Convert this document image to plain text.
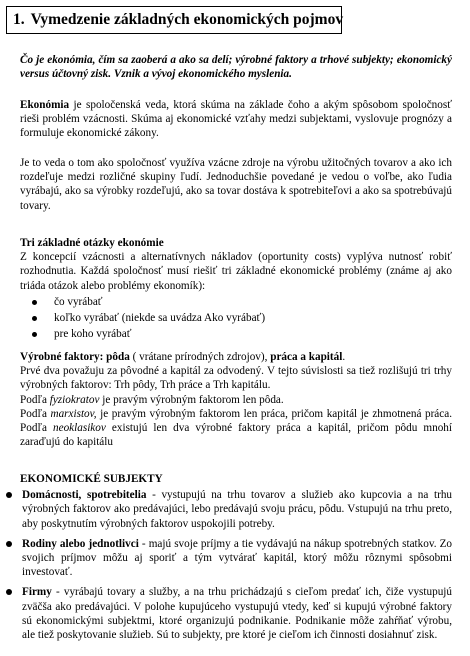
1. Vymedzenie základných ekonomických pojmov

Čo je ekonómia, čím sa zaoberá a ako sa delí; výrobné faktory a trhové subjekty; ekonomický versus účtovný zisk. Vznik a vývoj ekonomického myslenia.

Ekonómia je spoločenská veda, ktorá skúma na základe čoho a akým spôsobom spoločnosť rieši problém vzácnosti. Skúma aj ekonomické vzťahy medzi subjektami, vyslovuje prognózy a formuluje ekonomické zákony.

Je to veda o tom ako spoločnosť využíva vzácne zdroje na výrobu užitočných tovarov a ako ich rozdeľuje medzi rozličné skupiny ľudí. Jednoduchšie povedané je vedou o voľbe, ako ľudia vyrábajú, ako sa výrobky rozdeľujú, ako sa tovar dostáva k spotrebiteľovi a ako sa spotrebúvajú tovary.

Tri základné otázky ekonómie

Z koncepcií vzácnosti a alternatívnych nákladov (oportunity costs) vyplýva nutnosť robiť rozhodnutia. Každá spoločnosť musí riešiť tri základné ekonomické problémy (známe aj ako triáda otázok alebo problémy ekonomík):

čo vyrábať
koľko vyrábať (niekde sa uvádza Ako vyrábať)
pre koho vyrábať

Výrobné faktory: pôda ( vrátane prírodných zdrojov), práca a kapitál.

Prvé dva považuju za pôvodné a kapitál za odvodený. V tejto súvislosti sa tiež rozlišujú tri trhy výrobných faktorov: Trh pôdy, Trh práce a Trh kapitálu.

Podľa fyziokratov je pravým výrobným faktorom len pôda.

Podľa marxistov, je pravým výrobným faktorom len práca, pričom kapitál je zhmotnená práca. Podľa neoklasikov existujú len dva výrobné faktory práca a kapitál, pričom pôdu mnohí zaraďujú do kapitálu

EKONOMICKÉ SUBJEKTY

Domácnosti, spotrebitelia - vystupujú na trhu tovarov a služieb ako kupcovia a na trhu výrobných faktorov ako predávajúci, lebo predávajú svoju prácu, pôdu. Vstupujú na trhu preto, aby poskytnutím výrobných faktorov uspokojili potreby.
Rodiny alebo jednotlivci - majú svoje príjmy a tie vydávajú na nákup spotrebných statkov. Zo svojich príjmov môžu aj sporiť a tým vytvárať kapitál, ktorý môžu rôznymi spôsobmi investovať.
Firmy - vyrábajú tovary a služby, a na trhu prichádzajú s cieľom predať ich, čiže vystupujú zväčša ako predávajúci. V polohe kupujúceho vystupujú vtedy, keď si kupujú výrobné faktory sú ekonomickými subjektmi, ktoré organizujú podnikanie. Podnikanie môže zahŕňať výrobu, ale tiež poskytovanie služieb. Sú to subjekty, pre ktoré je cieľom ich činnosti dosiahnuť zisk.
